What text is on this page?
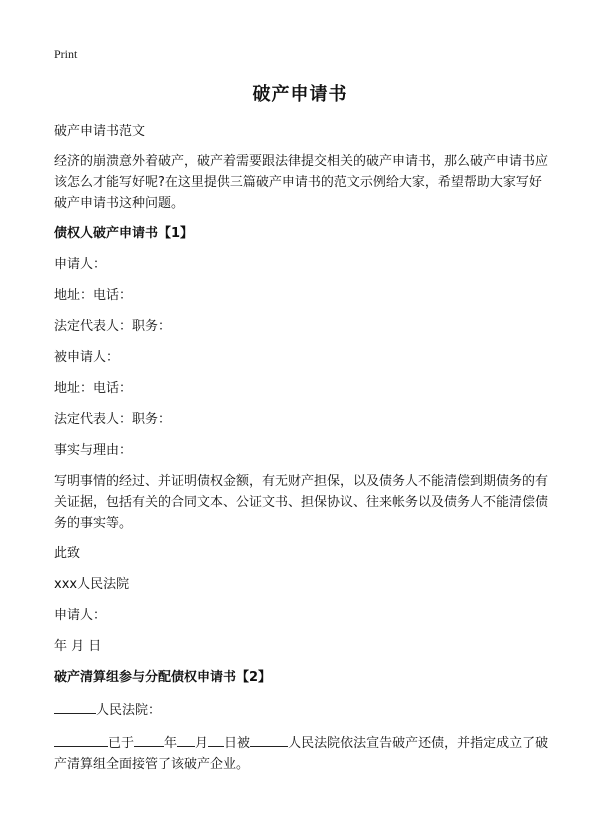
Print
破产申请书

破产申请书范文

经济的崩溃意外着破产，破产着需要跟法律提交相关的破产申请书，那么破产申请书应该怎么才能写好呢?在这里提供三篇破产申请书的范文示例给大家，希望帮助大家写好破产申请书这种问题。

债权人破产申请书【1】

申请人：

地址：电话：

法定代表人：职务：

被申请人：

地址：电话：

法定代表人：职务：

事实与理由：

写明事情的经过、并证明债权金额，有无财产担保，以及债务人不能清偿到期债务的有关证据，包括有关的合同文本、公证文书、担保协议、往来帐务以及债务人不能清偿债务的事实等。

此致

xxx人民法院

申请人：

年 月 日

破产清算组参与分配债权申请书【2】

人民法院：

已于 年 月 日被	人民法院依法宣告破产还债，并指定成立了破产清算组全面接管了该破产企业。
